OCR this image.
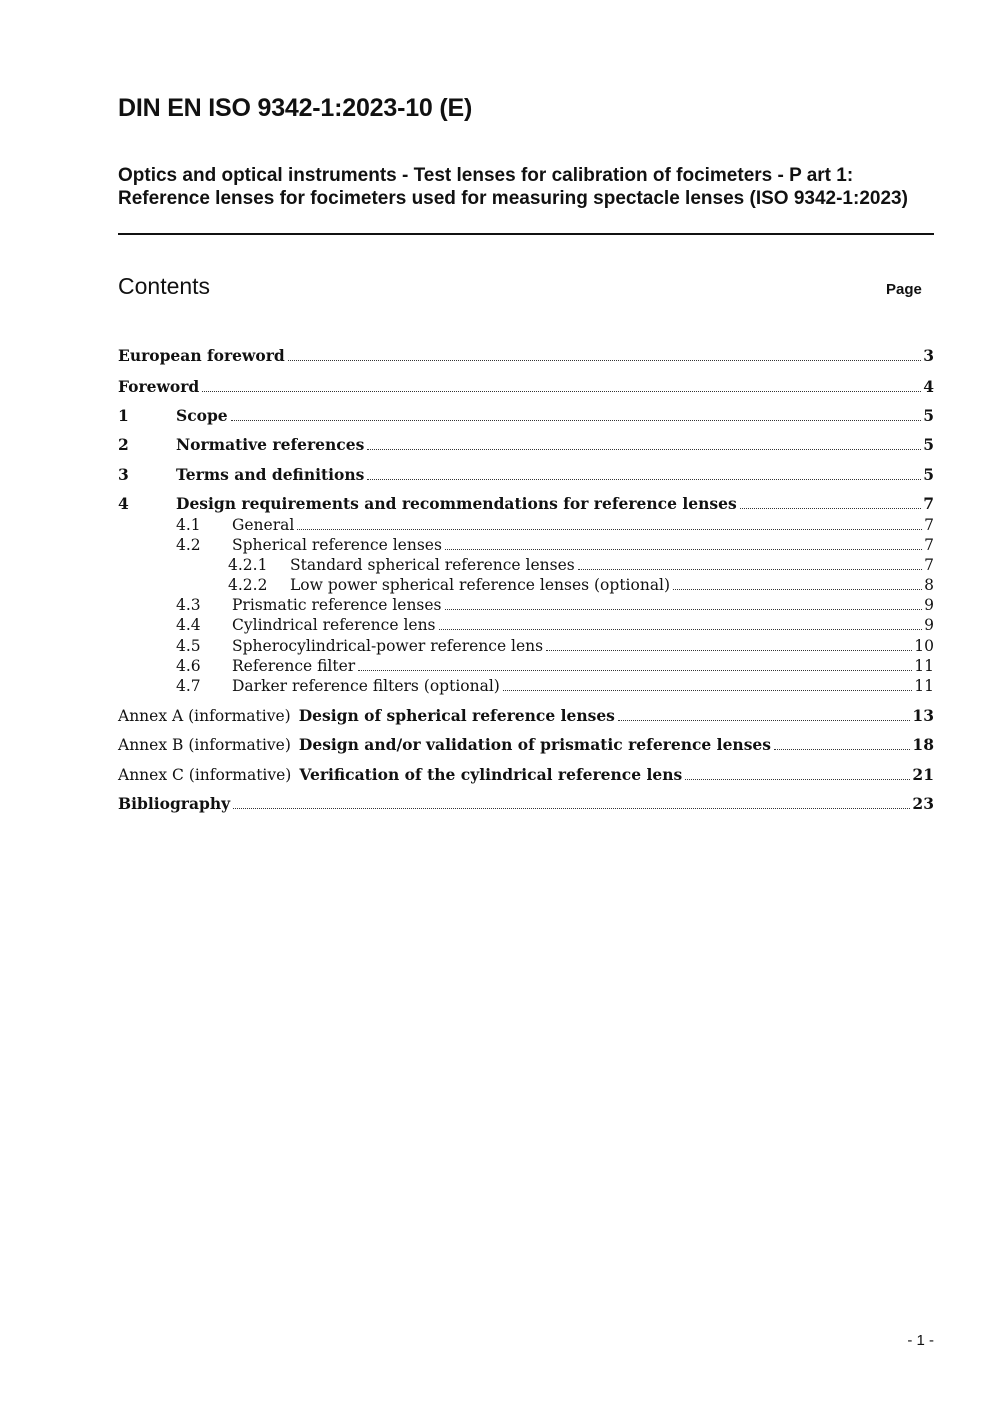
DIN EN ISO 9342-1:2023-10 (E)

Optics and optical instruments - Test lenses for calibration of focimeters - P art 1: Reference lenses for focimeters used for measuring spectacle lenses (ISO 9342-1:2023)

Contents	Page
European foreword	3
Foreword	4
1	Scope	5
2	Normative references	5
3	Terms and definitions	5
4	Design requirements and recommendations for reference lenses	7
4.1	General	7
4.2	Spherical reference lenses	7
4.2.1	Standard spherical reference lenses	7
4.2.2	Low power spherical reference lenses (optional)	8
4.3	Prismatic reference lenses	9
4.4	Cylindrical reference lens	9
4.5	Spherocylindrical-power reference lens	10
4.6	Reference filter	11
4.7	Darker reference filters (optional)	11
Annex A (informative) Design of spherical reference lenses	13
Annex B (informative) Design and/or validation of prismatic reference lenses	18
Annex C (informative) Verification of the cylindrical reference lens	21
Bibliography	23
- 1 -
